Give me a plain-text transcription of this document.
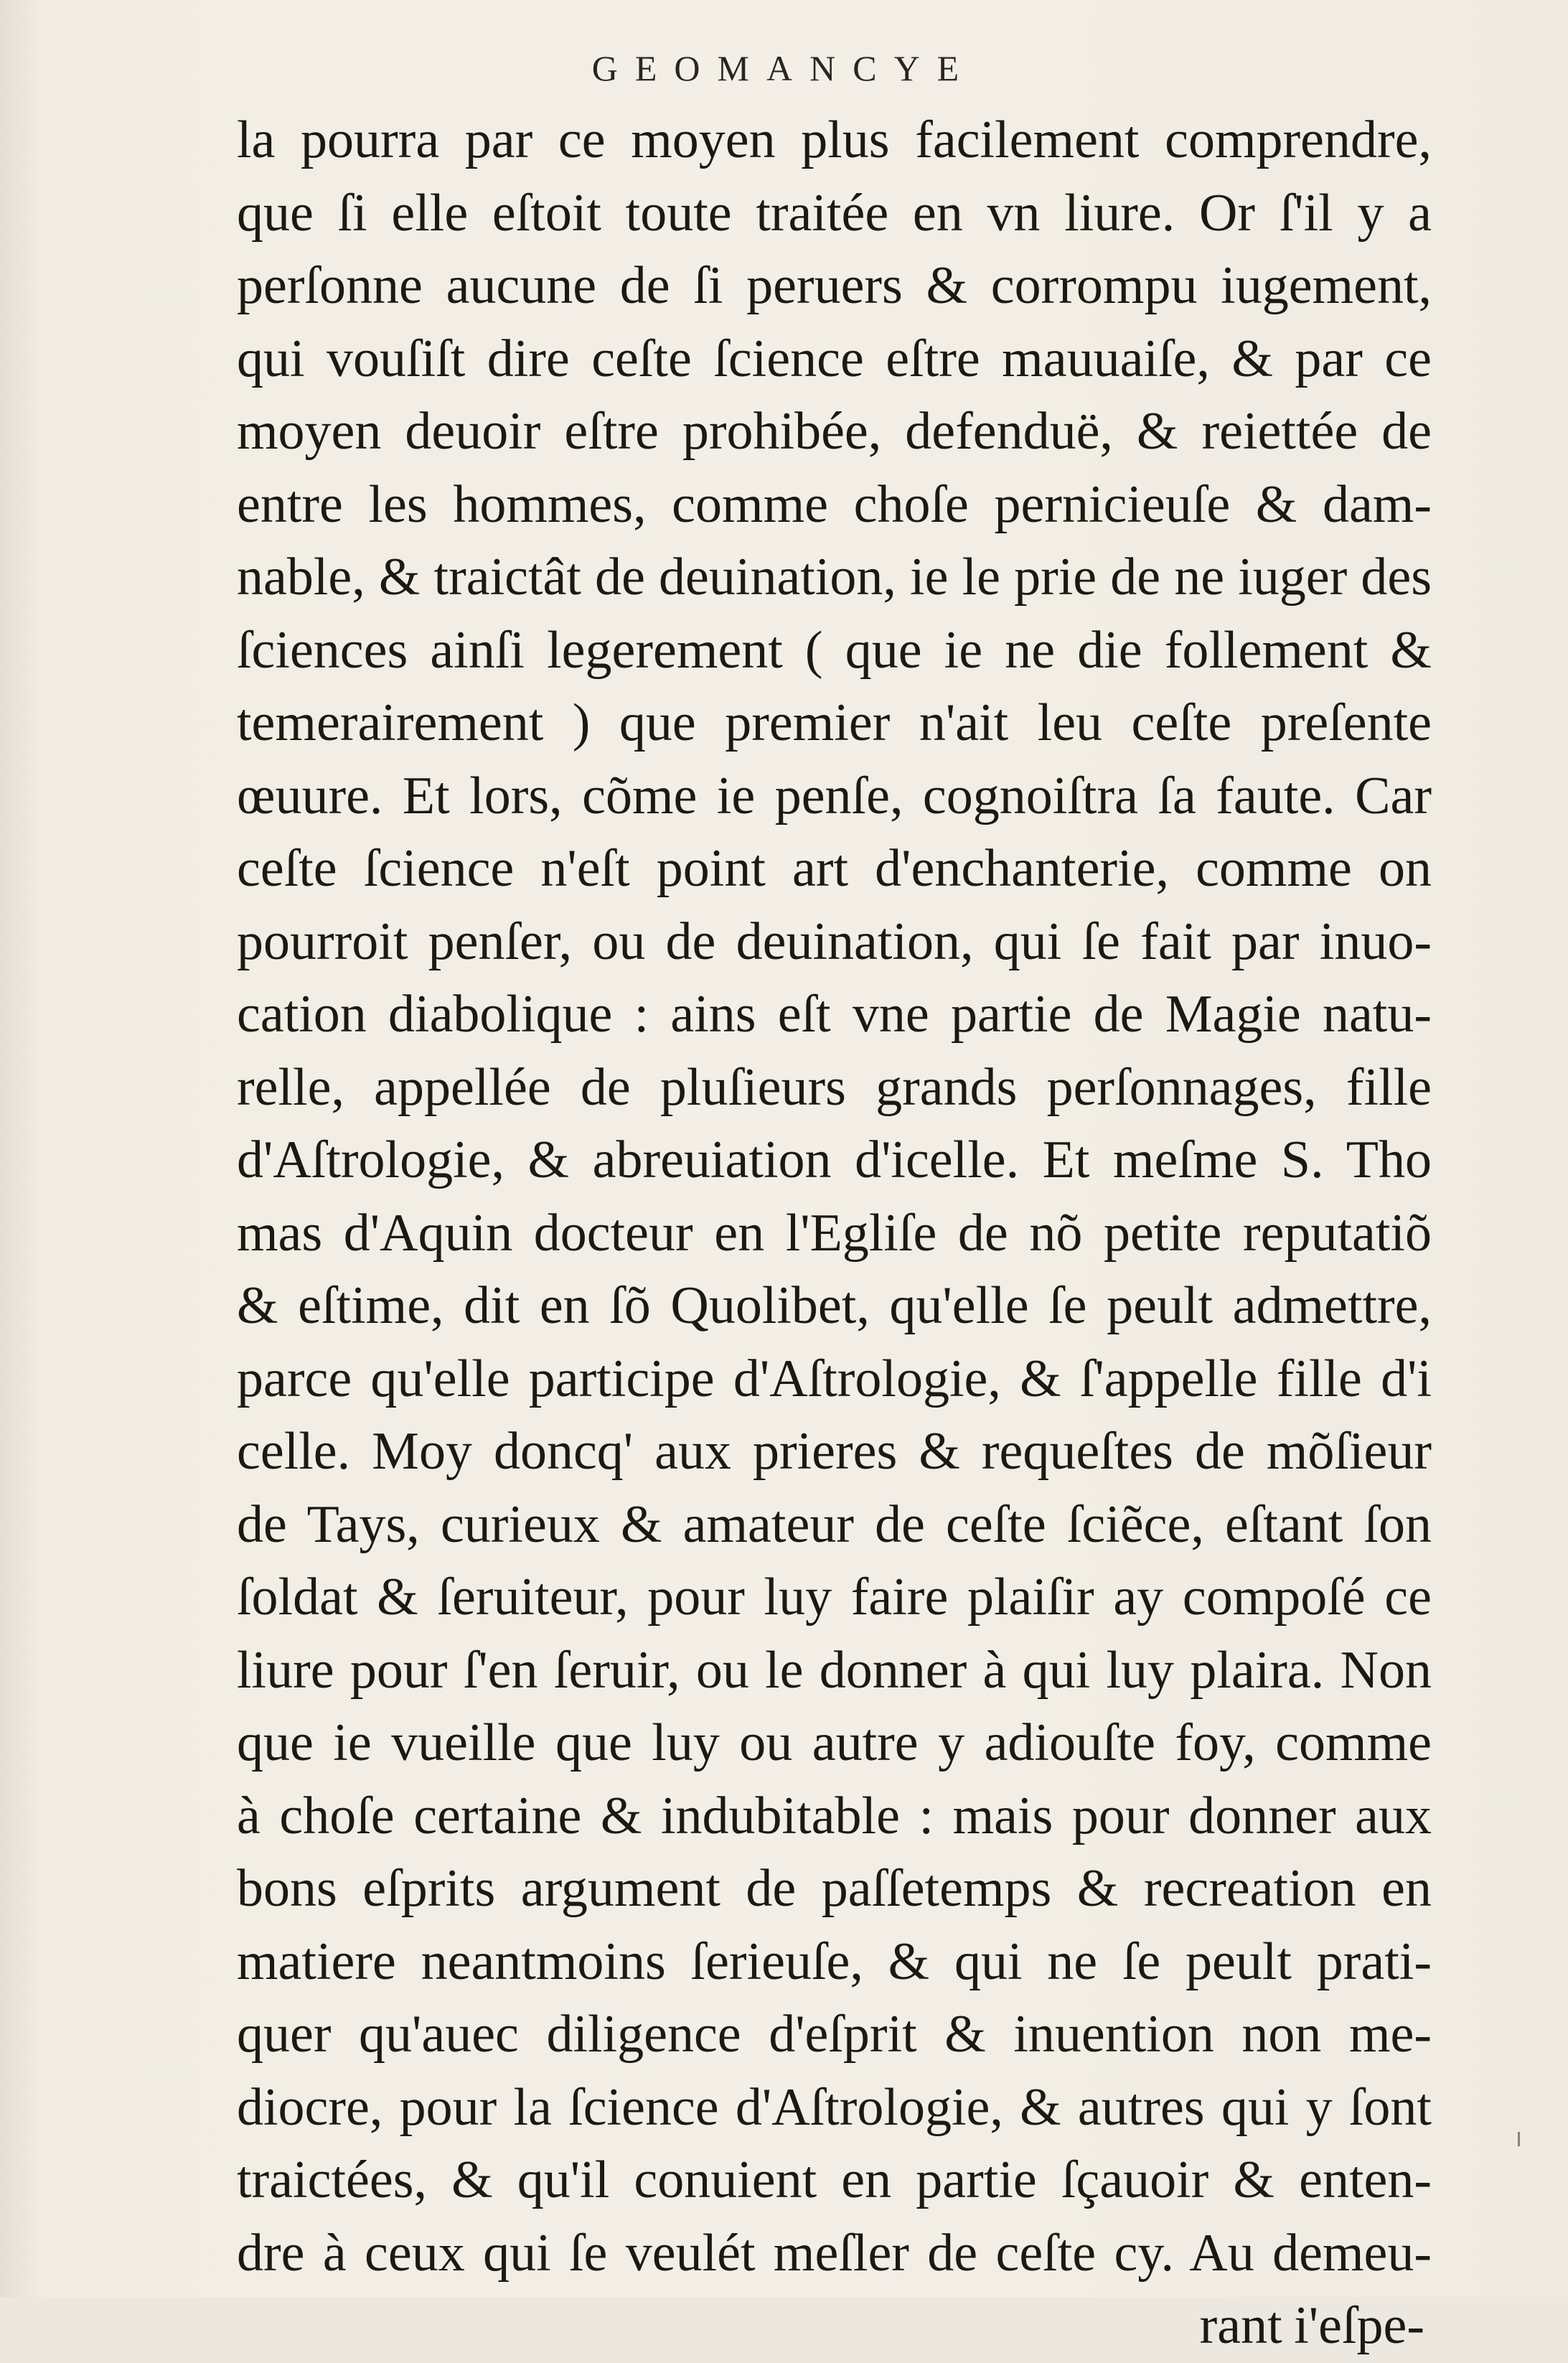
GEOMANCYE
la pourra par ce moyen plus facilement comprendre,
que ſi elle eſtoit toute traitée en vn liure. Or ſ'il y a
perſonne aucune de ſi peruers & corrompu iugement,
qui vouſiſt dire ceſte ſcience eſtre mauuaiſe, & par ce
moyen deuoir eſtre prohibée, defenduë, & reiettée de
entre les hommes, comme choſe pernicieuſe & dam-
nable, & traictât de deuination, ie le prie de ne iuger des
ſciences ainſi legerement ( que ie ne die follement &
temerairement ) que premier n'ait leu ceſte preſente
œuure. Et lors, cõme ie penſe, cognoiſtra ſa faute. Car
ceſte ſcience n'eſt point art d'enchanterie, comme on
pourroit penſer, ou de deuination, qui ſe fait par inuo-
cation diabolique : ains eſt vne partie de Magie natu-
relle, appellée de pluſieurs grands perſonnages, fille
d'Aſtrologie, & abreuiation d'icelle. Et meſme S. Tho
mas d'Aquin docteur en l'Egliſe de nõ petite reputatiõ
& eſtime, dit en ſõ Quolibet, qu'elle ſe peult admettre,
parce qu'elle participe d'Aſtrologie, & ſ'appelle fille d'i
celle. Moy doncq' aux prieres & requeſtes de mõſieur
de Tays, curieux & amateur de ceſte ſciẽce, eſtant ſon
ſoldat & ſeruiteur, pour luy faire plaiſir ay compoſé ce
liure pour ſ'en ſeruir, ou le donner à qui luy plaira. Non
que ie vueille que luy ou autre y adiouſte foy, comme
à choſe certaine & indubitable : mais pour donner aux
bons eſprits argument de paſſetemps & recreation en
matiere neantmoins ſerieuſe, & qui ne ſe peult prati-
quer qu'auec diligence d'eſprit & inuention non me-
diocre, pour la ſcience d'Aſtrologie, & autres qui y ſont
traictées, & qu'il conuient en partie ſçauoir & enten-
dre à ceux qui ſe veulét meſler de ceſte cy. Au demeu-
rant i'eſpe-
